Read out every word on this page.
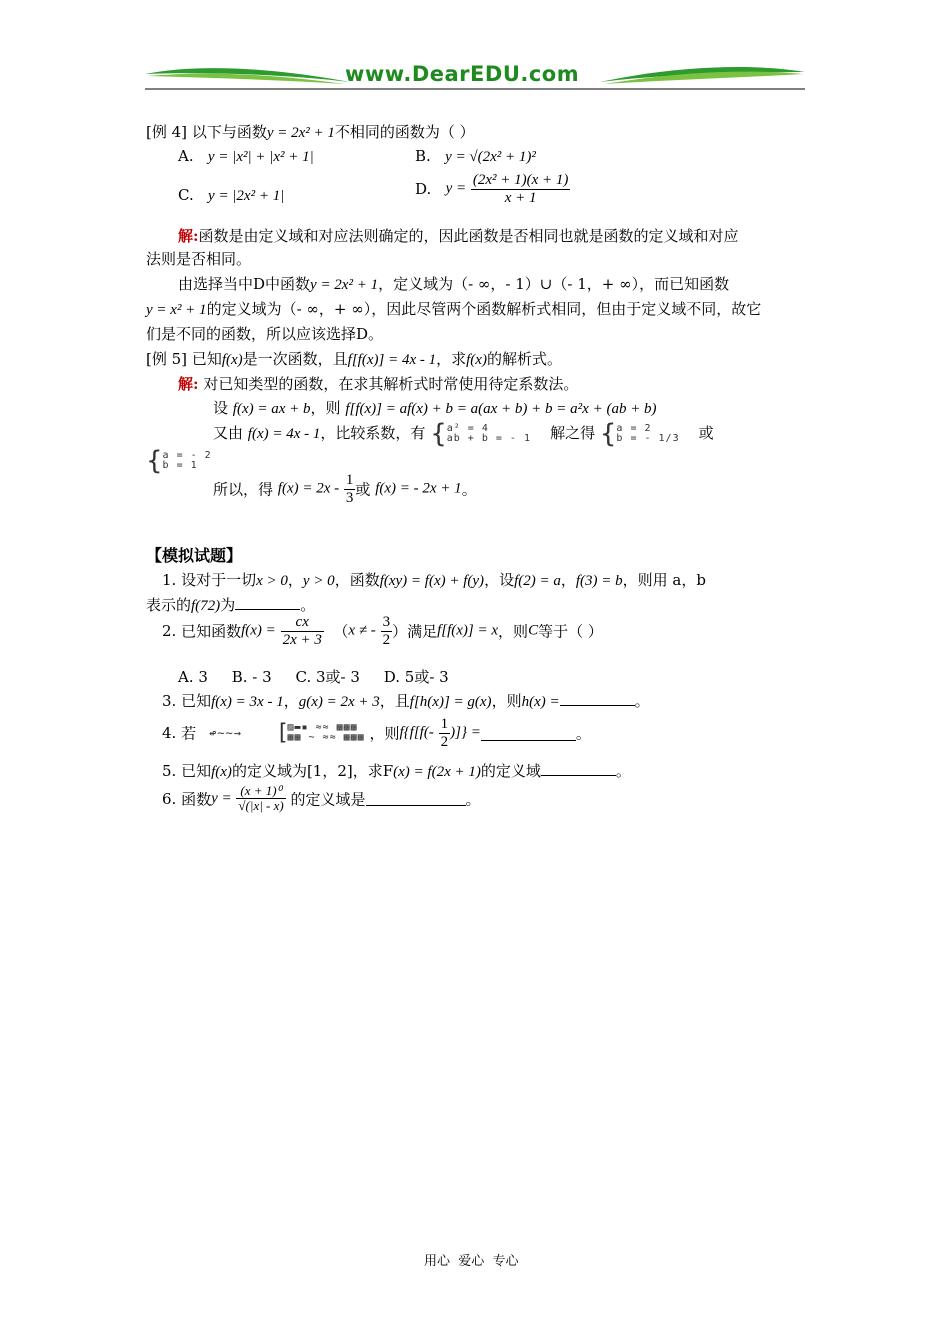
www.DearEDU.com
[例 4] 以下与函数y = 2x² + 1不相同的函数为（ ）
A. y = |x²| + |x² + 1|	B. y = √(2x² + 1)²
C. y = |2x² + 1|	D. $y = \frac{\text{(2x² + 1)(x + 1)}}{x + 1}$
解:函数是由定义域和对应法则确定的，因此函数是否相同也就是函数的定义域和对应
法则是否相同。
由选择当中D中函数y = 2x² + 1，定义域为（- ∞，- 1）∪（- 1，+ ∞），而已知函数
y = x² + 1的定义域为（- ∞，+ ∞），因此尽管两个函数解析式相同，但由于定义域不同，故它
们是不同的函数，所以应该选择D。
[例 5] 已知f(x)是一次函数，且f[f(x)] = 4x - 1，求f(x)的解析式。
解: 对已知类型的函数，在求其解析式时常使用待定系数法。
设 f(x) = ax + b，则 f[f(x)] = af(x) + b = a(ax + b) + b = a²x + (ab + b)
又由 f(x) = 4x - 1，比较系数，有 { a² = 4
ab + b = - 1 解之得 { a = 2
b = - 1/3 或
{ a = - 2
b = 1
所以，得 $f(x) = 2x - \frac{1}{3}$ 或 f(x) = - 2x + 1。
【模拟试题】
1. 设对于一切x > 0，y > 0，函数f(xy) = f(x) + f(y)，设f(2) = a，f(3) = b，则用 a，b
表示的f(72)为	。
2. 已知函数$f(x) = \frac{cx}{2x + 3} (x$ ≠ - $\frac{3}{2}$ ）满足f[f(x)] = x，则C等于（ ）
A. 3     B. - 3     C. 3或- 3     D. 5或- 3
3. 已知f(x) = 3x - 1，g(x) = 2x + 3，且f[h(x)] = g(x)，则h(x) =	。
4. 若  ↫∼∼→       [▨▬▪ ≈≈ ▩▩▩
▩▩ ∼ ≈≈ ▩▩▩ ，则$f\{f[f(- \frac{1}{2}$ )]} =	。
5. 已知f(x)的定义域为[1，2]，求F(x) = f(2x + 1)的定义域	。
6. 函数$y = \frac{\text{(x + 1)⁰}}{√(|x| - x)}$ 的定义域是	。
用心  爱心  专心
